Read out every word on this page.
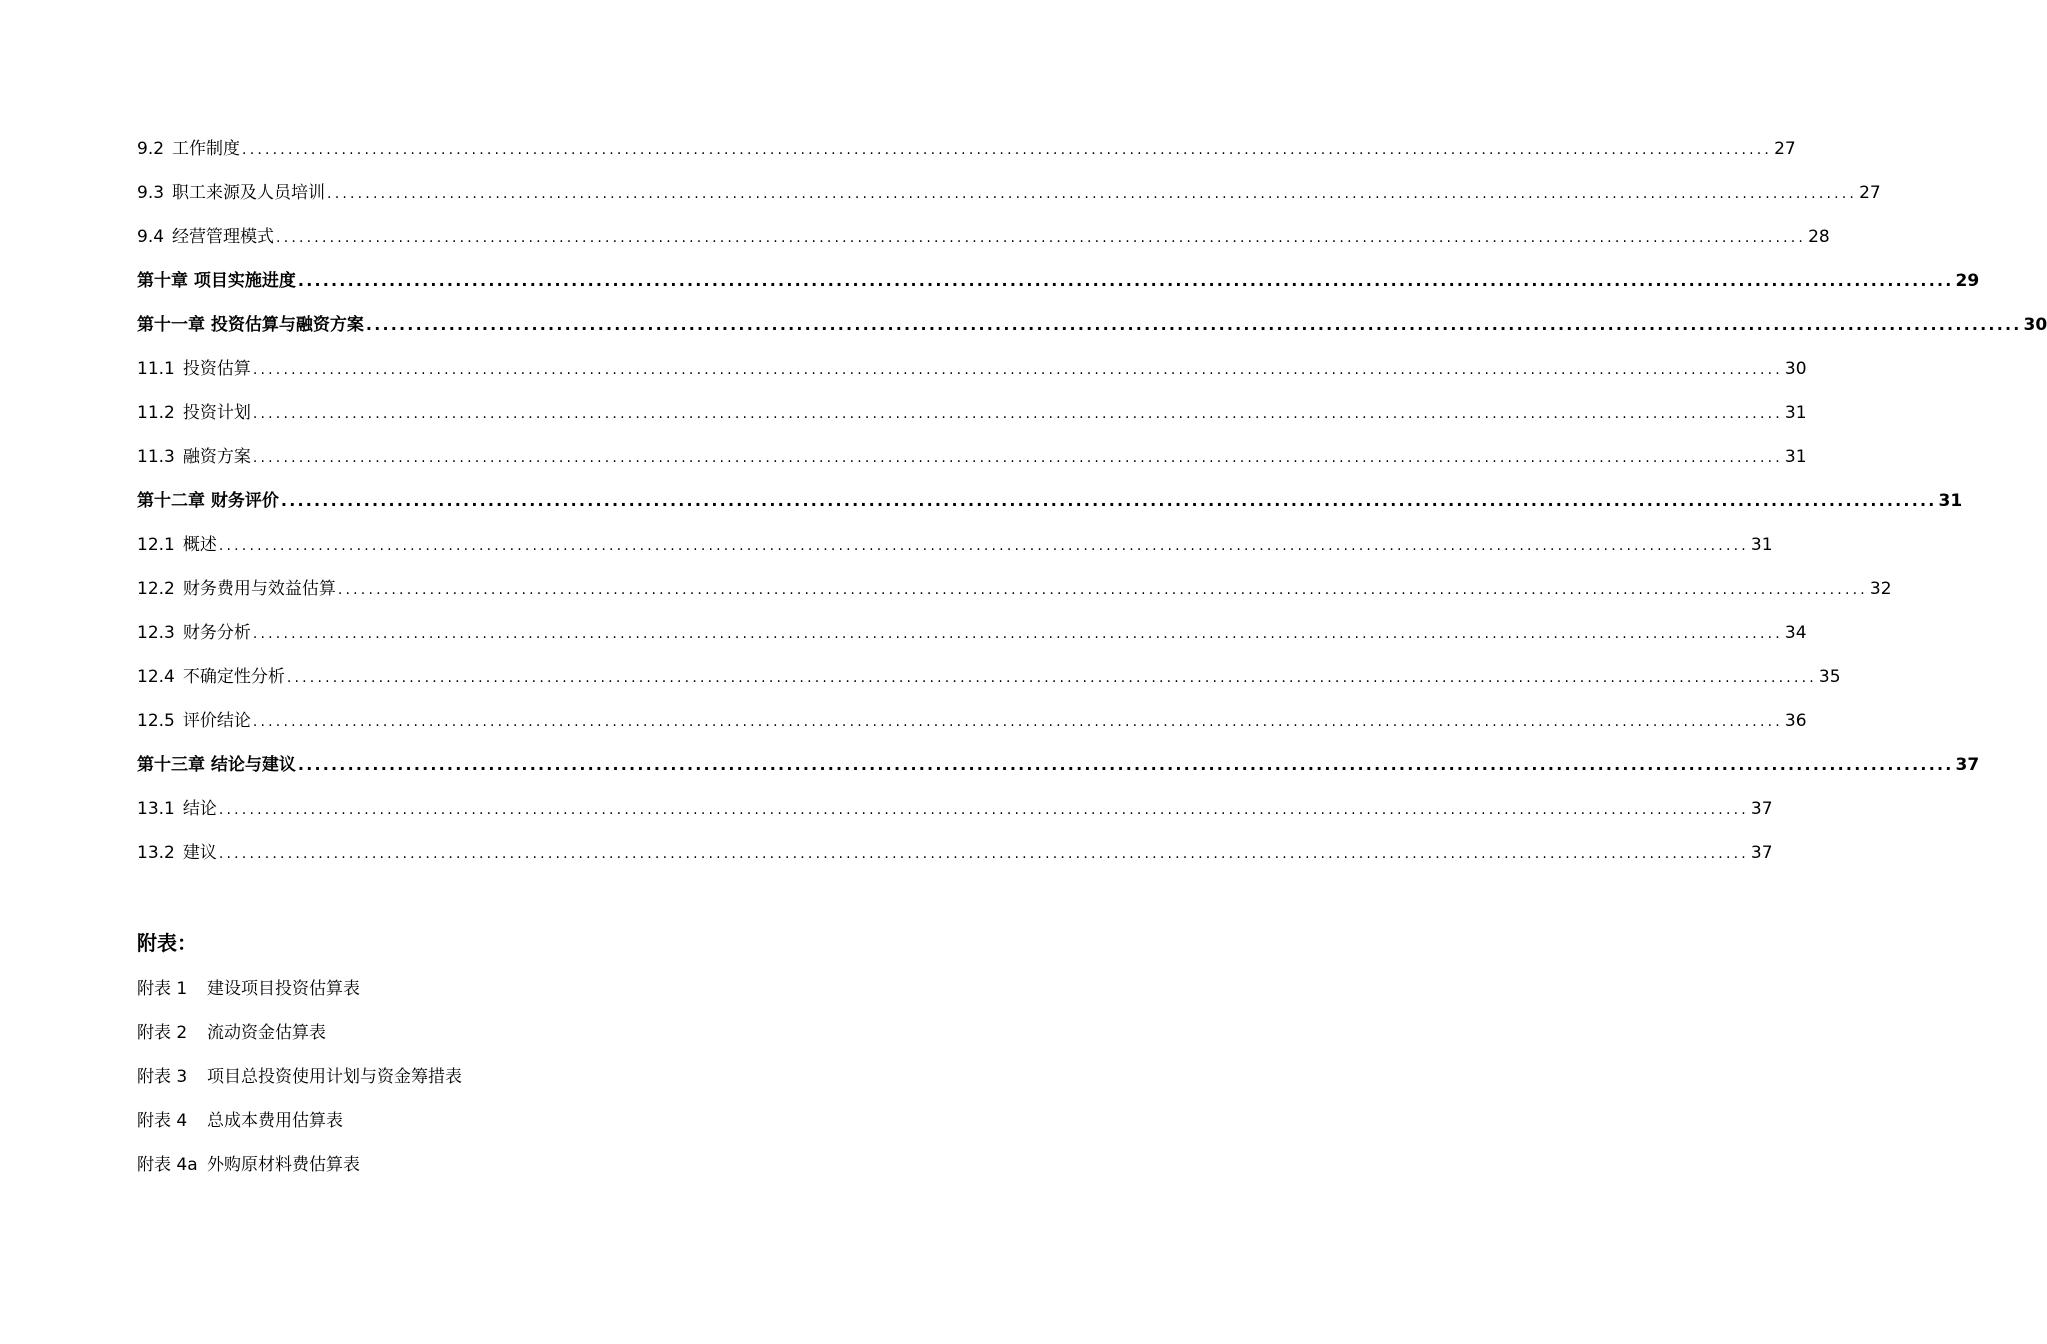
9.2 工作制度 ........................................................................................................................................................................................................ 27
9.3 职工来源及人员培训 ........................................................................................................................................................................................................ 27
9.4 经营管理模式 ........................................................................................................................................................................................................ 28
第十章 项目实施进度 ........................................................................................................................................................................................................ 29
第十一章 投资估算与融资方案 ........................................................................................................................................................................................................ 30
11.1 投资估算 ........................................................................................................................................................................................................ 30
11.2 投资计划 ........................................................................................................................................................................................................ 31
11.3 融资方案 ........................................................................................................................................................................................................ 31
第十二章 财务评价 ........................................................................................................................................................................................................ 31
12.1 概述 ........................................................................................................................................................................................................ 31
12.2 财务费用与效益估算 ........................................................................................................................................................................................................ 32
12.3 财务分析 ........................................................................................................................................................................................................ 34
12.4 不确定性分析 ........................................................................................................................................................................................................ 35
12.5 评价结论 ........................................................................................................................................................................................................ 36
第十三章 结论与建议 ........................................................................................................................................................................................................ 37
13.1 结论 ........................................................................................................................................................................................................ 37
13.2 建议 ........................................................................................................................................................................................................ 37
附表：
附表 1	建设项目投资估算表
附表 2	流动资金估算表
附表 3	项目总投资使用计划与资金筹措表
附表 4	总成本费用估算表
附表 4a 外购原材料费估算表
